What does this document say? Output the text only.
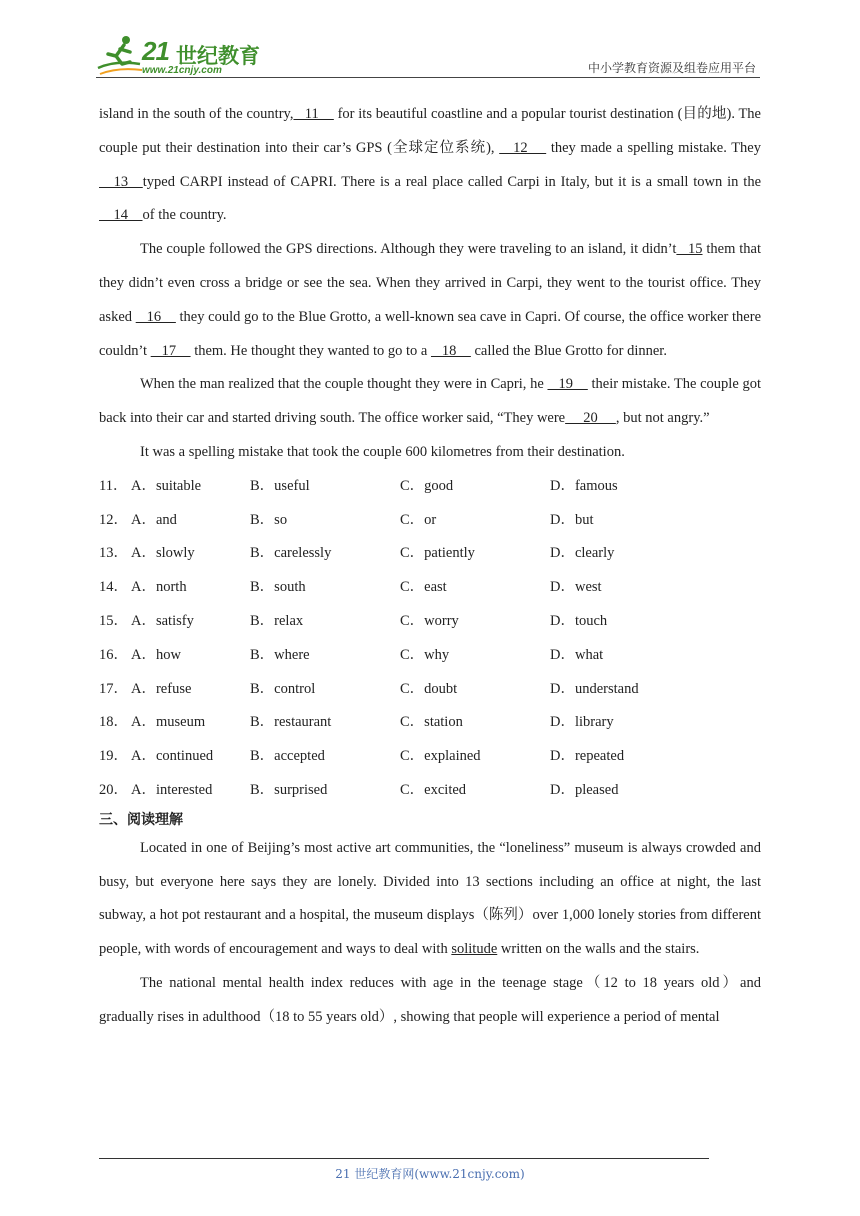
21 世纪教育
www.21cnjy.com	中小学教育资源及组卷应用平台

island in the south of the country,   11     for its beautiful coastline and a popular tourist destination (目的地). The couple put their destination into their car’s GPS (全球定位系统),    12     they made a spelling mistake. They    13   typed CARPI instead of CAPRI. There is a real place called Carpi in Italy, but it is a small town in the    14    of the country.

The couple followed the GPS directions. Although they were traveling to an island, it didn’t   15 them that they didn’t even cross a bridge or see the sea. When they arrived in Carpi, they went to the tourist office. They asked    16     they could go to the Blue Grotto, a well-known sea cave in Capri. Of course, the office worker there couldn’t    17     them. He thought they wanted to go to a    18     called the Blue Grotto for dinner.

When the man realized that the couple thought they were in Capri, he    19     their mistake. The couple got back into their car and started driving south. The office worker said, “They were     20     , but not angry.”

It was a spelling mistake that took the couple 600 kilometres from their destination.

11． A．suitable	B．useful	C．good	D．famous
12． A．and	B．so	C．or	D．but
13． A．slowly	B．carelessly	C．patiently	D．clearly
14． A．north	B．south	C．east	D．west
15． A．satisfy	B．relax	C．worry	D．touch
16． A．how	B．where	C．why	D．what
17． A．refuse	B．control	C．doubt	D．understand
18． A．museum	B．restaurant	C．station	D．library
19． A．continued	B．accepted	C．explained	D．repeated
20． A．interested	B．surprised	C．excited	D．pleased

三、阅读理解

Located in one of Beijing’s most active art communities, the “loneliness” museum is always crowded and busy, but everyone here says they are lonely. Divided into 13 sections including an office at night, the last subway, a hot pot restaurant and a hospital, the museum displays（陈列）over 1,000 lonely stories from different people, with words of encouragement and ways to deal with solitude written on the walls and the stairs.

The national mental health index reduces with age in the teenage stage（12 to 18 years old）and gradually rises in adulthood（18 to 55 years old）, showing that people will experience a period of mental

21 世纪教育网(www.21cnjy.com)
